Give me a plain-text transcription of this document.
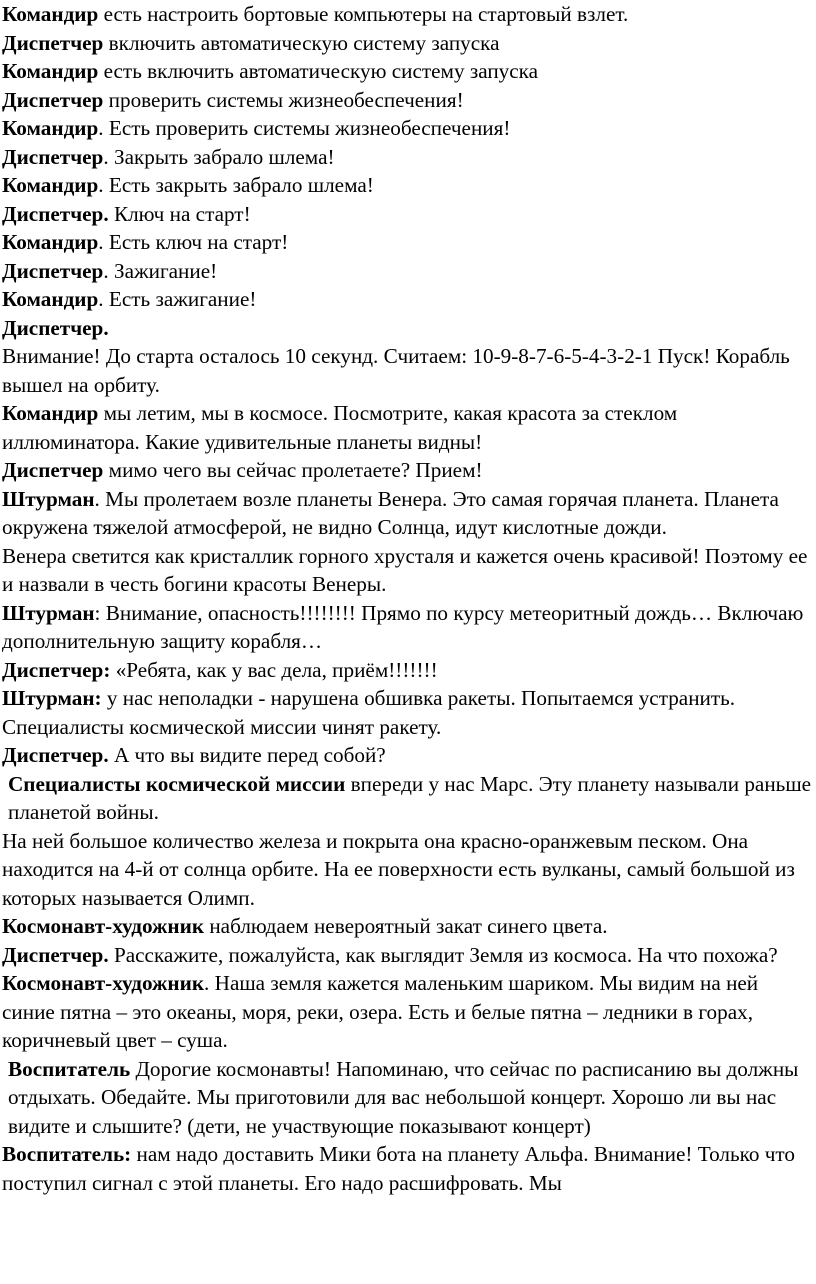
Командир есть настроить бортовые компьютеры на стартовый взлет.

Диспетчер включить автоматическую систему запуска

Командир есть включить автоматическую систему запуска

Диспетчер проверить системы жизнеобеспечения!

Командир. Есть проверить системы жизнеобеспечения!

Диспетчер. Закрыть забрало шлема!

Командир. Есть закрыть забрало шлема!

Диспетчер. Ключ на старт!

Командир. Есть ключ на старт!

Диспетчер. Зажигание!

Командир. Есть зажигание!

Диспетчер.

Внимание! До старта осталось 10 секунд. Считаем: 10-9-8-7-6-5-4-3-2-1 Пуск! Корабль вышел на орбиту.

Командир мы летим, мы в космосе. Посмотрите, какая красота за стеклом иллюминатора. Какие удивительные планеты видны!

Диспетчер мимо чего вы сейчас пролетаете? Прием!

Штурман. Мы пролетаем возле планеты Венера. Это самая горячая планета. Планета окружена тяжелой атмосферой, не видно Солнца, идут кислотные дожди.

Венера светится как кристаллик горного хрусталя и кажется очень красивой! Поэтому ее и назвали в честь богини красоты Венеры.

Штурман: Внимание, опасность!!!!!!!! Прямо по курсу метеоритный дождь… Включаю дополнительную защиту корабля…

Диспетчер: «Ребята, как у вас дела, приём!!!!!!!

Штурман: у нас неполадки - нарушена обшивка ракеты. Попытаемся устранить. Специалисты космической миссии чинят ракету.

Диспетчер. А что вы видите перед собой?

Специалисты космической миссии впереди у нас Марс. Эту планету называли раньше планетой войны.

На ней большое количество железа и покрыта она красно-оранжевым песком. Она находится на 4-й от солнца орбите. На ее поверхности есть вулканы, самый большой из которых называется Олимп.

Космонавт-художник наблюдаем невероятный закат синего цвета.

Диспетчер. Расскажите, пожалуйста, как выглядит Земля из космоса. На что похожа?

Космонавт-художник. Наша земля кажется маленьким шариком. Мы видим на ней синие пятна – это океаны, моря, реки, озера. Есть и белые пятна – ледники в горах, коричневый цвет – суша.

Воспитатель Дорогие космонавты! Напоминаю, что сейчас по расписанию вы должны отдыхать. Обедайте. Мы приготовили для вас небольшой концерт. Хорошо ли вы нас видите и слышите? (дети, не участвующие показывают концерт)

Воспитатель: нам надо доставить Мики бота на планету Альфа. Внимание! Только что поступил сигнал с этой планеты. Его надо расшифровать. Мы
